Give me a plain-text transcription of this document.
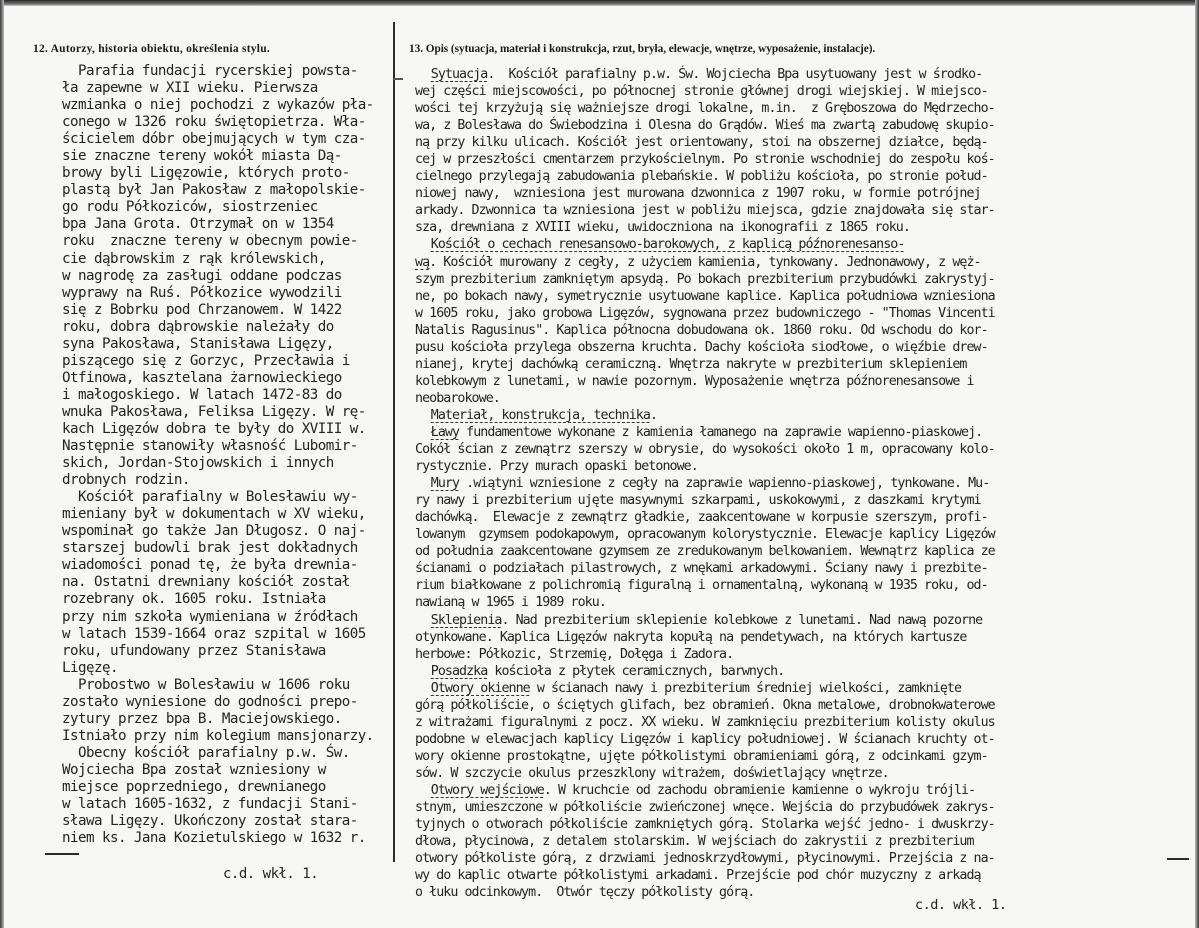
12. Autorzy, historia obiektu, określenia stylu.	13. Opis (sytuacja, materiał i konstrukcja, rzut, bryła, elewacje, wnętrze, wyposażenie, instalacje).
Parafia fundacji rycerskiej powsta-
ła zapewne w XII wieku. Pierwsza
wzmianka o niej pochodzi z wykazów pła-
conego w 1326 roku świętopietrza. Wła-
ścicielem dóbr obejmujących w tym cza-
sie znaczne tereny wokół miasta Dą-
browy byli Ligęzowie, których proto-
plastą był Jan Pakosław z małopolskie-
go rodu Półkoziców, siostrzeniec
bpa Jana Grota. Otrzymał on w 1354
roku  znaczne tereny w obecnym powie-
cie dąbrowskim z rąk królewskich,
w nagrodę za zasługi oddane podczas
wyprawy na Ruś. Półkozice wywodzili
się z Bobrku pod Chrzanowem. W 1422
roku, dobra dąbrowskie należały do
syna Pakosława, Stanisława Ligęzy,
piszącego się z Gorzyc, Przecławia i
Otfinowa, kasztelana żarnowieckiego
i małogoskiego. W latach 1472-83 do
wnuka Pakosława, Feliksa Ligęzy. W rę-
kach Ligęzów dobra te były do XVIII w.
Następnie stanowiły własność Lubomir-
skich, Jordan-Stojowskich i innych
drobnych rodzin.
Kościół parafialny w Bolesławiu wy-
mieniany był w dokumentach w XV wieku,
wspominał go także Jan Długosz. O naj-
starszej budowli brak jest dokładnych
wiadomości ponad tę, że była drewnia-
na. Ostatni drewniany kościół został
rozebrany ok. 1605 roku. Istniała
przy nim szkoła wymieniana w źródłach
w latach 1539-1664 oraz szpital w 1605
roku, ufundowany przez Stanisława
Ligęzę.
Probostwo w Bolesławiu w 1606 roku
zostało wyniesione do godności prepo-
zytury przez bpa B. Maciejowskiego.
Istniało przy nim kolegium mansjonarzy.
Obecny kościół parafialny p.w. Św.
Wojciecha Bpa został wzniesiony w
miejsce poprzedniego, drewnianego
w latach 1605-1632, z fundacji Stani-
sława Ligęzy. Ukończony został stara-
niem ks. Jana Kozietulskiego w 1632 r.
Sytuacja.  Kościół parafialny p.w. Św. Wojciecha Bpa usytuowany jest w środko-
wej części miejscowości, po północnej stronie głównej drogi wiejskiej. W miejsco-
wości tej krzyżują się ważniejsze drogi lokalne, m.in.  z Gręboszowa do Mędrzecho-
wa, z Bolesława do Świebodzina i Olesna do Grądów. Wieś ma zwartą zabudowę skupio-
ną przy kilku ulicach. Kościół jest orientowany, stoi na obszernej działce, będą-
cej w przeszłości cmentarzem przykościelnym. Po stronie wschodniej do zespołu koś-
cielnego przylegają zabudowania plebańskie. W pobliżu kościoła, po stronie połud-
niowej nawy,  wzniesiona jest murowana dzwonnica z 1907 roku, w formie potrójnej
arkady. Dzwonnica ta wzniesiona jest w pobliżu miejsca, gdzie znajdowała się star-
sza, drewniana z XVIII wieku, uwidoczniona na ikonografii z 1865 roku.
Kościół o cechach renesansowo-barokowych, z kaplicą późnorenesanso-
wą. Kościół murowany z cegły, z użyciem kamienia, tynkowany. Jednonawowy, z węż-
szym prezbiterium zamkniętym apsydą. Po bokach prezbiterium przybudówki zakrystyj-
ne, po bokach nawy, symetrycznie usytuowane kaplice. Kaplica południowa wzniesiona
w 1605 roku, jako grobowa Ligęzów, sygnowana przez budowniczego - "Thomas Vincenti
Natalis Ragusinus". Kaplica północna dobudowana ok. 1860 roku. Od wschodu do kor-
pusu kościoła przylega obszerna kruchta. Dachy kościoła siodłowe, o więźbie drew-
nianej, krytej dachówką ceramiczną. Wnętrza nakryte w prezbiterium sklepieniem
kolebkowym z lunetami, w nawie pozornym. Wyposażenie wnętrza późnorenesansowe i
neobarokowe.
Materiał, konstrukcja, technika.
Ławy fundamentowe wykonane z kamienia łamanego na zaprawie wapienno-piaskowej.
Cokół ścian z zewnątrz szerszy w obrysie, do wysokości około 1 m, opracowany kolo-
rystycznie. Przy murach opaski betonowe.
Mury .wiątyni wzniesione z cegły na zaprawie wapienno-piaskowej, tynkowane. Mu-
ry nawy i prezbiterium ujęte masywnymi szkarpami, uskokowymi, z daszkami krytymi
dachówką.  Elewacje z zewnątrz gładkie, zaakcentowane w korpusie szerszym, profi-
lowanym  gzymsem podokapowym, opracowanym kolorystycznie. Elewacje kaplicy Ligęzów
od południa zaakcentowane gzymsem ze zredukowanym belkowaniem. Wewnątrz kaplica ze
ścianami o podziałach pilastrowych, z wnękami arkadowymi. Ściany nawy i prezbite-
rium białkowane z polichromią figuralną i ornamentalną, wykonaną w 1935 roku, od-
nawianą w 1965 i 1989 roku.
Sklepienia. Nad prezbiterium sklepienie kolebkowe z lunetami. Nad nawą pozorne
otynkowane. Kaplica Ligęzów nakryta kopułą na pendetywach, na których kartusze
herbowe: Półkozic, Strzemię, Dołęga i Zadora.
Posadzka kościoła z płytek ceramicznych, barwnych.
Otwory okienne w ścianach nawy i prezbiterium średniej wielkości, zamknięte
górą półkoliście, o ściętych glifach, bez obramień. Okna metalowe, drobnokwaterowe
z witrażami figuralnymi z pocz. XX wieku. W zamknięciu prezbiterium kolisty okulus
podobne w elewacjach kaplicy Ligęzów i kaplicy południowej. W ścianach kruchty ot-
wory okienne prostokątne, ujęte półkolistymi obramieniami górą, z odcinkami gzym-
sów. W szczycie okulus przeszklony witrażem, doświetlający wnętrze.
Otwory wejściowe. W kruchcie od zachodu obramienie kamienne o wykroju trójli-
stnym, umieszczone w półkoliście zwieńczonej wnęce. Wejścia do przybudówek zakrys-
tyjnych o otworach półkoliście zamkniętych górą. Stolarka wejść jedno- i dwuskrzy-
dłowa, płycinowa, z detalem stolarskim. W wejściach do zakrystii z prezbiterium
otwory półkoliste górą, z drzwiami jednoskrzydłowymi, płycinowymi. Przejścia z na-
wy do kaplic otwarte półkolistymi arkadami. Przejście pod chór muzyczny z arkadą
o łuku odcinkowym.  Otwór tęczy półkolisty górą.
c.d. wkł. 1.
c.d. wkł. 1.
